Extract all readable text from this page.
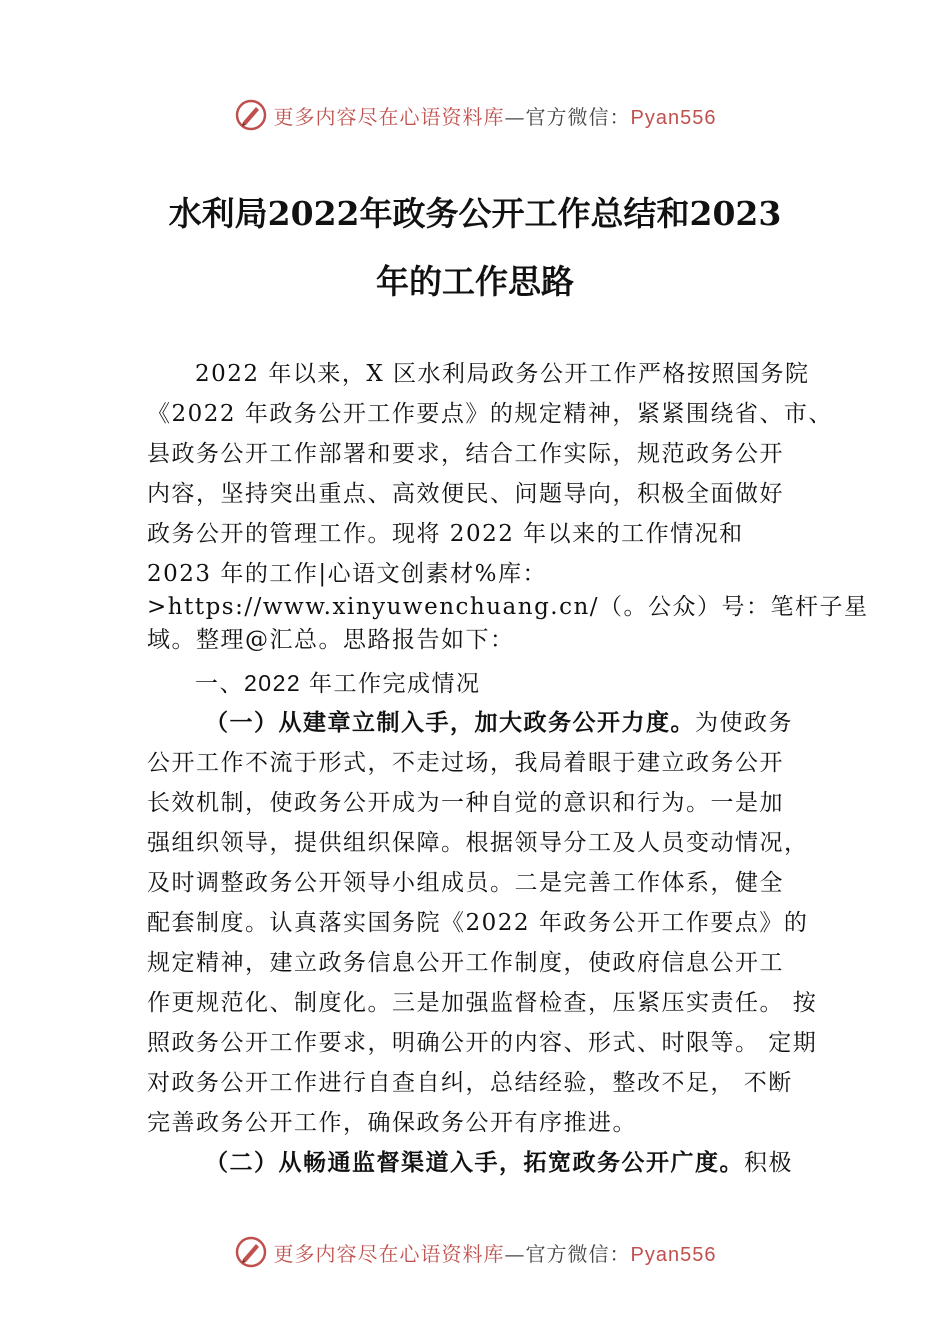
更多内容尽在心语资料库—官方微信：Pyan556
水利局2022年政务公开工作总结和2023
年的工作思路
2022 年以来，X 区水利局政务公开工作严格按照国务院
《2022 年政务公开工作要点》的规定精神，紧紧围绕省、市、
县政务公开工作部署和要求，结合工作实际，规范政务公开
内容，坚持突出重点、高效便民、问题导向，积极全面做好
政务公开的管理工作。现将 2022 年以来的工作情况和
2023 年的工作|心语文创素材%库：
>https://www.xinyuwenchuang.cn/（。公众）号：笔杆子星
域。整理@汇总。思路报告如下：
一、2022 年工作完成情况
（一）从建章立制入手，加大政务公开力度。为使政务
公开工作不流于形式，不走过场，我局着眼于建立政务公开
长效机制，使政务公开成为一种自觉的意识和行为。一是加
强组织领导，提供组织保障。根据领导分工及人员变动情况，
及时调整政务公开领导小组成员。二是完善工作体系，健全
配套制度。认真落实国务院《2022 年政务公开工作要点》的
规定精神，建立政务信息公开工作制度，使政府信息公开工
作更规范化、制度化。三是加强监督检查，压紧压实责任。 按
照政务公开工作要求，明确公开的内容、形式、时限等。 定期
对政务公开工作进行自查自纠，总结经验，整改不足， 不断
完善政务公开工作，确保政务公开有序推进。
（二）从畅通监督渠道入手，拓宽政务公开广度。积极
更多内容尽在心语资料库—官方微信：Pyan556
